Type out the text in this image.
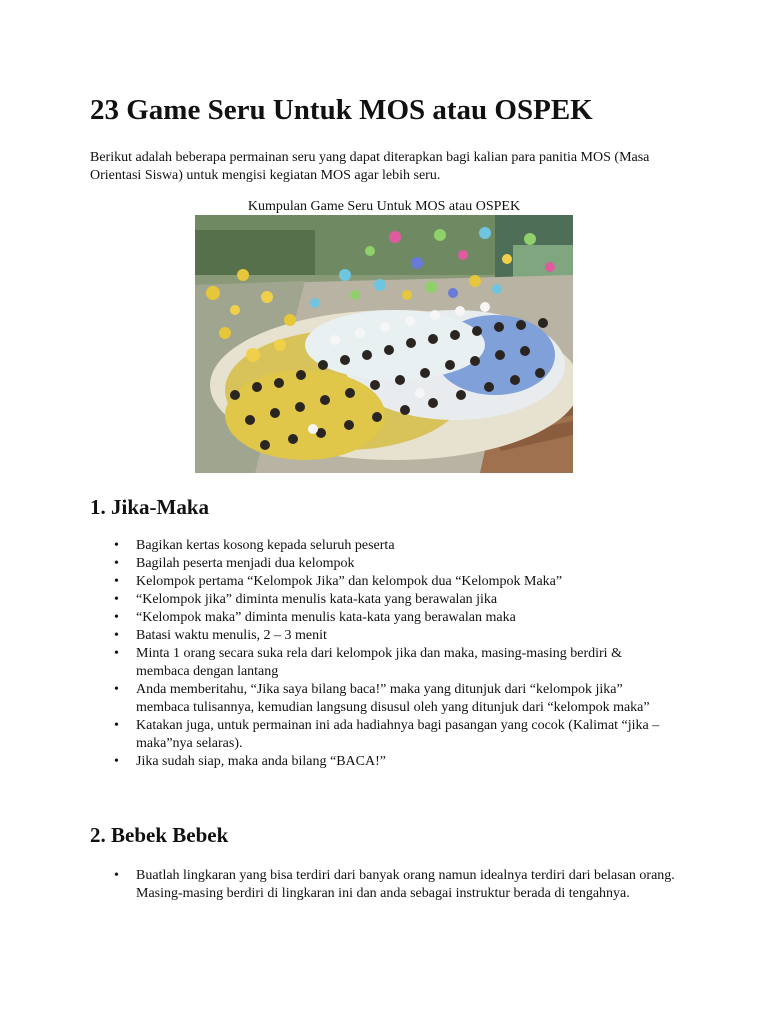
23 Game Seru Untuk MOS atau OSPEK

Berikut adalah beberapa permainan seru yang dapat diterapkan bagi kalian para panitia MOS (Masa Orientasi Siswa) untuk mengisi kegiatan MOS agar lebih seru.

Kumpulan Game Seru Untuk MOS atau OSPEK
1. Jika-Maka
• Bagikan kertas kosong kepada seluruh peserta
• Bagilah peserta menjadi dua kelompok
• Kelompok pertama “Kelompok Jika” dan kelompok dua “Kelompok Maka”
• “Kelompok jika” diminta menulis kata-kata yang berawalan jika
• “Kelompok maka” diminta menulis kata-kata yang berawalan maka
• Batasi waktu menulis, 2 – 3 menit
• Minta 1 orang secara suka rela dari kelompok jika dan maka, masing-masing berdiri & membaca dengan lantang
• Anda memberitahu, “Jika saya bilang baca!” maka yang ditunjuk dari “kelompok jika” membaca tulisannya, kemudian langsung disusul oleh yang ditunjuk dari “kelompok maka”
• Katakan juga, untuk permainan ini ada hadiahnya bagi pasangan yang cocok (Kalimat “jika – maka”nya selaras).
• Jika sudah siap, maka anda bilang “BACA!”
2. Bebek Bebek
• Buatlah lingkaran yang bisa terdiri dari banyak orang namun idealnya terdiri dari belasan orang. Masing-masing berdiri di lingkaran ini dan anda sebagai instruktur berada di tengahnya.
